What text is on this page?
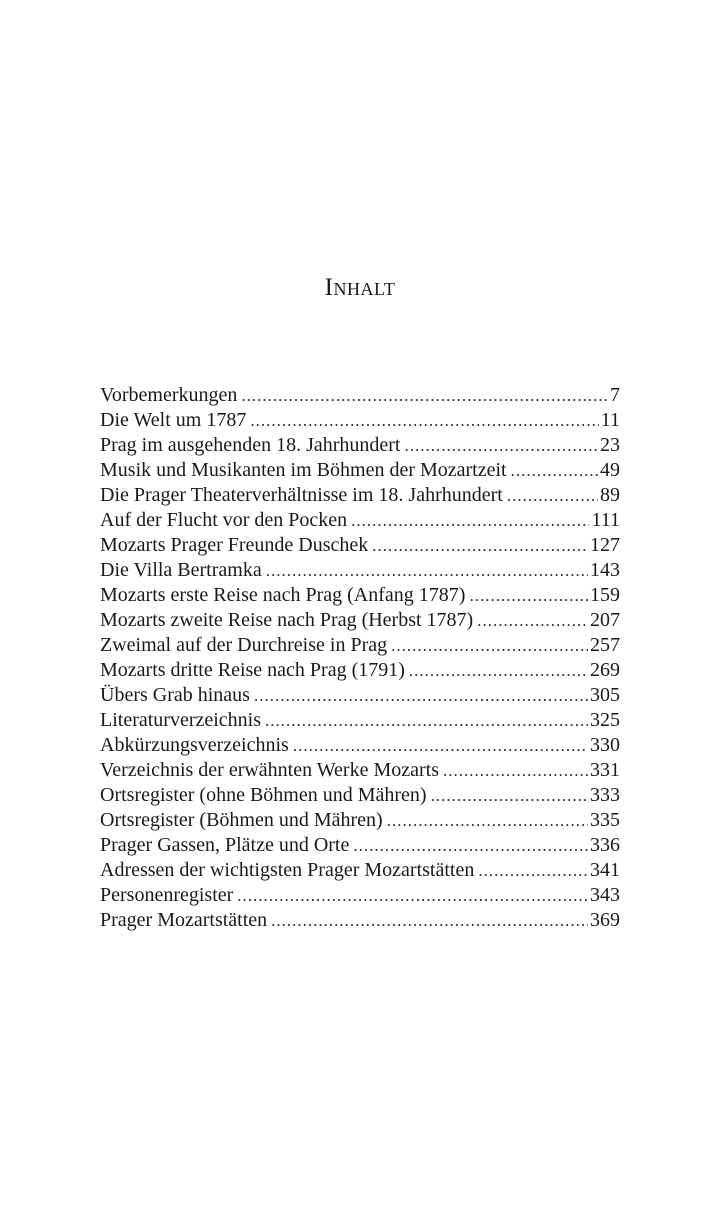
Inhalt
Vorbemerkungen .....	7
Die Welt um 1787 .....	11
Prag im ausgehenden 18. Jahrhundert .....	23
Musik und Musikanten im Böhmen der Mozartzeit .....	49
Die Prager Theaterverhältnisse im 18. Jahrhundert .....	89
Auf der Flucht vor den Pocken .....	111
Mozarts Prager Freunde Duschek .....	127
Die Villa Bertramka .....	143
Mozarts erste Reise nach Prag (Anfang 1787) .....	159
Mozarts zweite Reise nach Prag (Herbst 1787) .....	207
Zweimal auf der Durchreise in Prag .....	257
Mozarts dritte Reise nach Prag (1791) .....	269
Übers Grab hinaus .....	305
Literaturverzeichnis .....	325
Abkürzungsverzeichnis .....	330
Verzeichnis der erwähnten Werke Mozarts .....	331
Ortsregister (ohne Böhmen und Mähren) .....	333
Ortsregister (Böhmen und Mähren) .....	335
Prager Gassen, Plätze und Orte .....	336
Adressen der wichtigsten Prager Mozartstätten .....	341
Personenregister .....	343
Prager Mozartstätten .....	369
